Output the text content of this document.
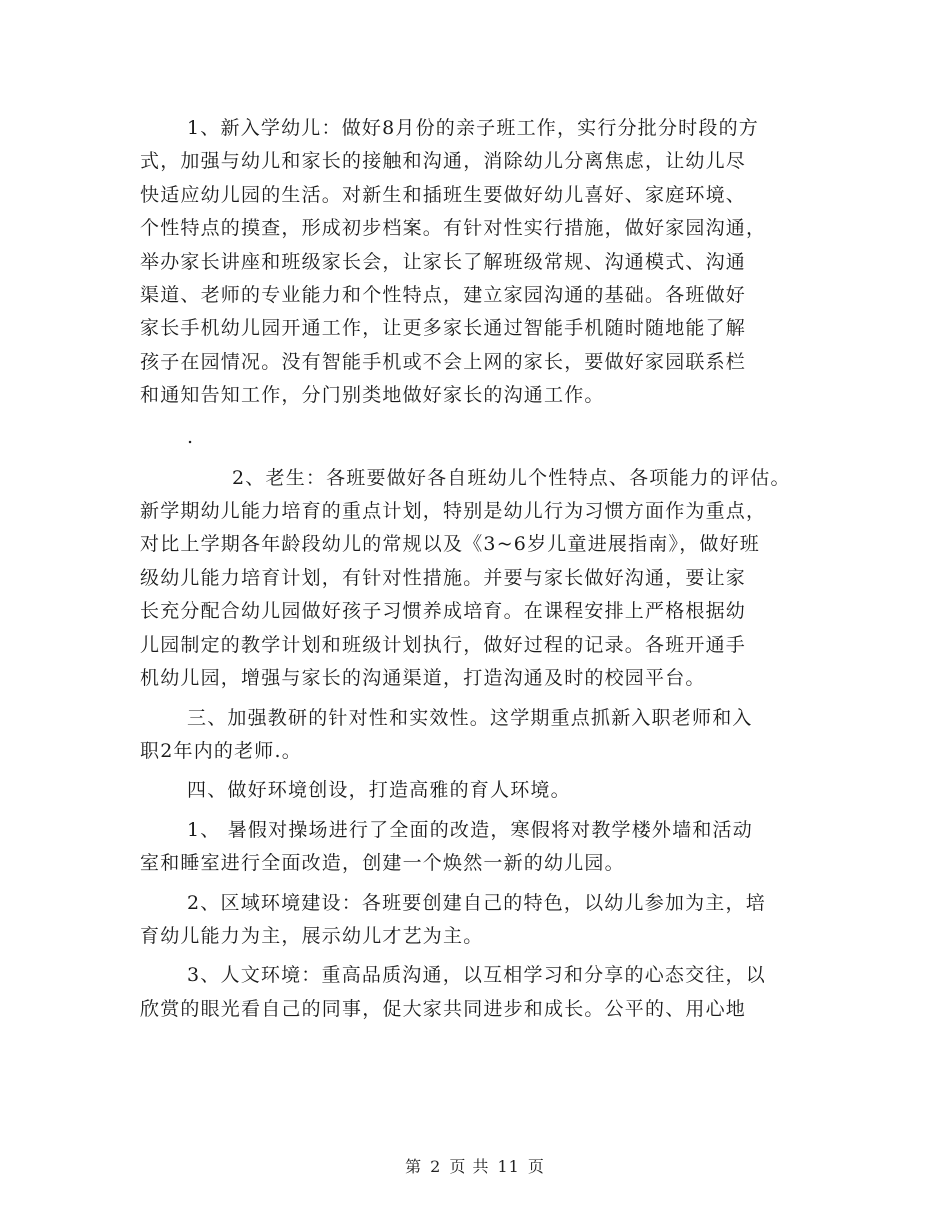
1、新入学幼儿：做好8月份的亲子班工作，实行分批分时段的方
式，加强与幼儿和家长的接触和沟通，消除幼儿分离焦虑，让幼儿尽
快适应幼儿园的生活。对新生和插班生要做好幼儿喜好、家庭环境、
个性特点的摸查，形成初步档案。有针对性实行措施，做好家园沟通，
举办家长讲座和班级家长会，让家长了解班级常规、沟通模式、沟通
渠道、老师的专业能力和个性特点，建立家园沟通的基础。各班做好
家长手机幼儿园开通工作，让更多家长通过智能手机随时随地能了解
孩子在园情况。没有智能手机或不会上网的家长，要做好家园联系栏
和通知告知工作，分门别类地做好家长的沟通工作。

.

2、老生：各班要做好各自班幼儿个性特点、各项能力的评估。
新学期幼儿能力培育的重点计划，特别是幼儿行为习惯方面作为重点，
对比上学期各年龄段幼儿的常规以及《3~6岁儿童进展指南》，做好班
级幼儿能力培育计划，有针对性措施。并要与家长做好沟通，要让家
长充分配合幼儿园做好孩子习惯养成培育。在课程安排上严格根据幼
儿园制定的教学计划和班级计划执行，做好过程的记录。各班开通手
机幼儿园，增强与家长的沟通渠道，打造沟通及时的校园平台。

三、加强教研的针对性和实效性。这学期重点抓新入职老师和入
职2年内的老师.。

四、做好环境创设，打造高雅的育人环境。

1、 暑假对操场进行了全面的改造，寒假将对教学楼外墙和活动
室和睡室进行全面改造，创建一个焕然一新的幼儿园。

2、区域环境建设：各班要创建自己的特色，以幼儿参加为主，培
育幼儿能力为主，展示幼儿才艺为主。

3、人文环境：重高品质沟通，以互相学习和分享的心态交往，以
欣赏的眼光看自己的同事，促大家共同进步和成长。公平的、用心地

第 2 页 共 11 页
